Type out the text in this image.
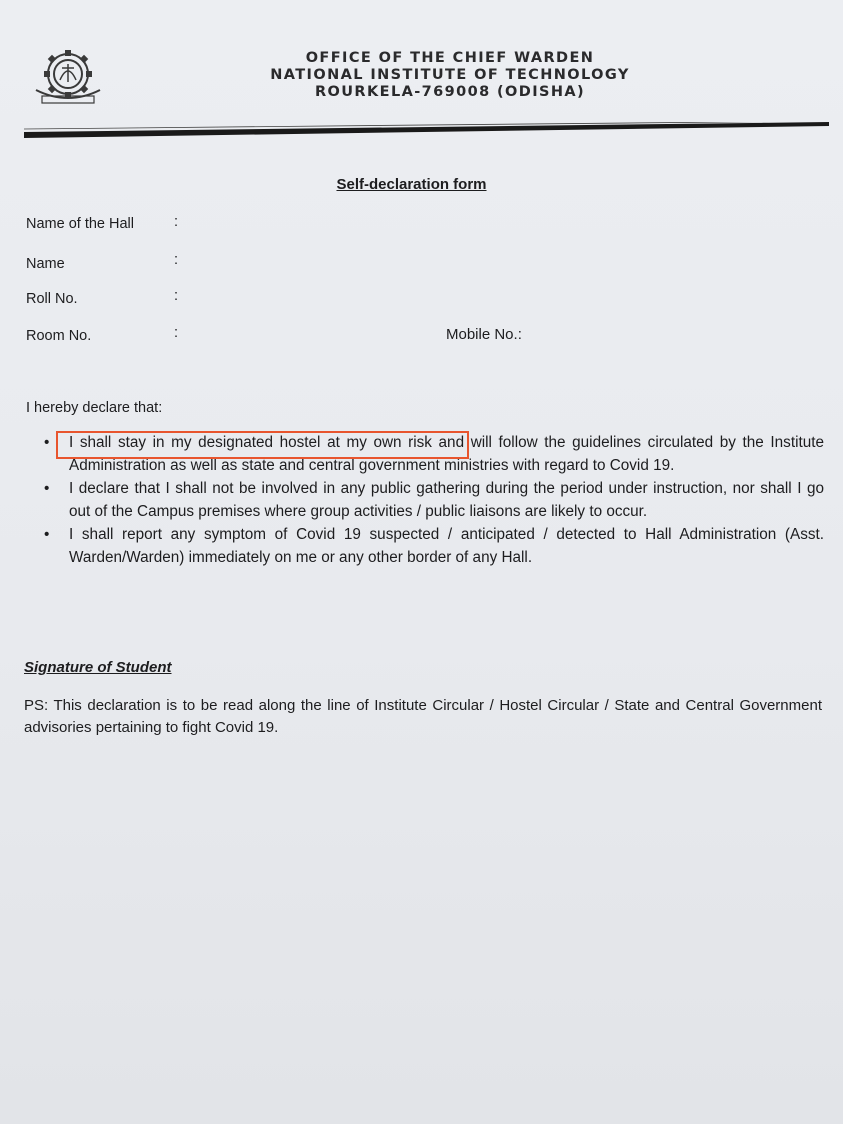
OFFICE OF THE CHIEF WARDEN
NATIONAL INSTITUTE OF TECHNOLOGY
ROURKELA-769008 (ODISHA)
Self-declaration form
Name of the Hall	:
Name	:
Roll No.	:
Room No.	:	Mobile No.:
I hereby declare that:
• I shall stay in my designated hostel at my own risk and will follow the guidelines circulated by the Institute Administration as well as state and central government ministries with regard to Covid 19.
• I declare that I shall not be involved in any public gathering during the period under instruction, nor shall I go out of the Campus premises where group activities / public liaisons are likely to occur.
• I shall report any symptom of Covid 19 suspected / anticipated / detected to Hall Administration (Asst. Warden/Warden) immediately on me or any other border of any Hall.
Signature of Student
PS: This declaration is to be read along the line of Institute Circular / Hostel Circular / State and Central Government advisories pertaining to fight Covid 19.
